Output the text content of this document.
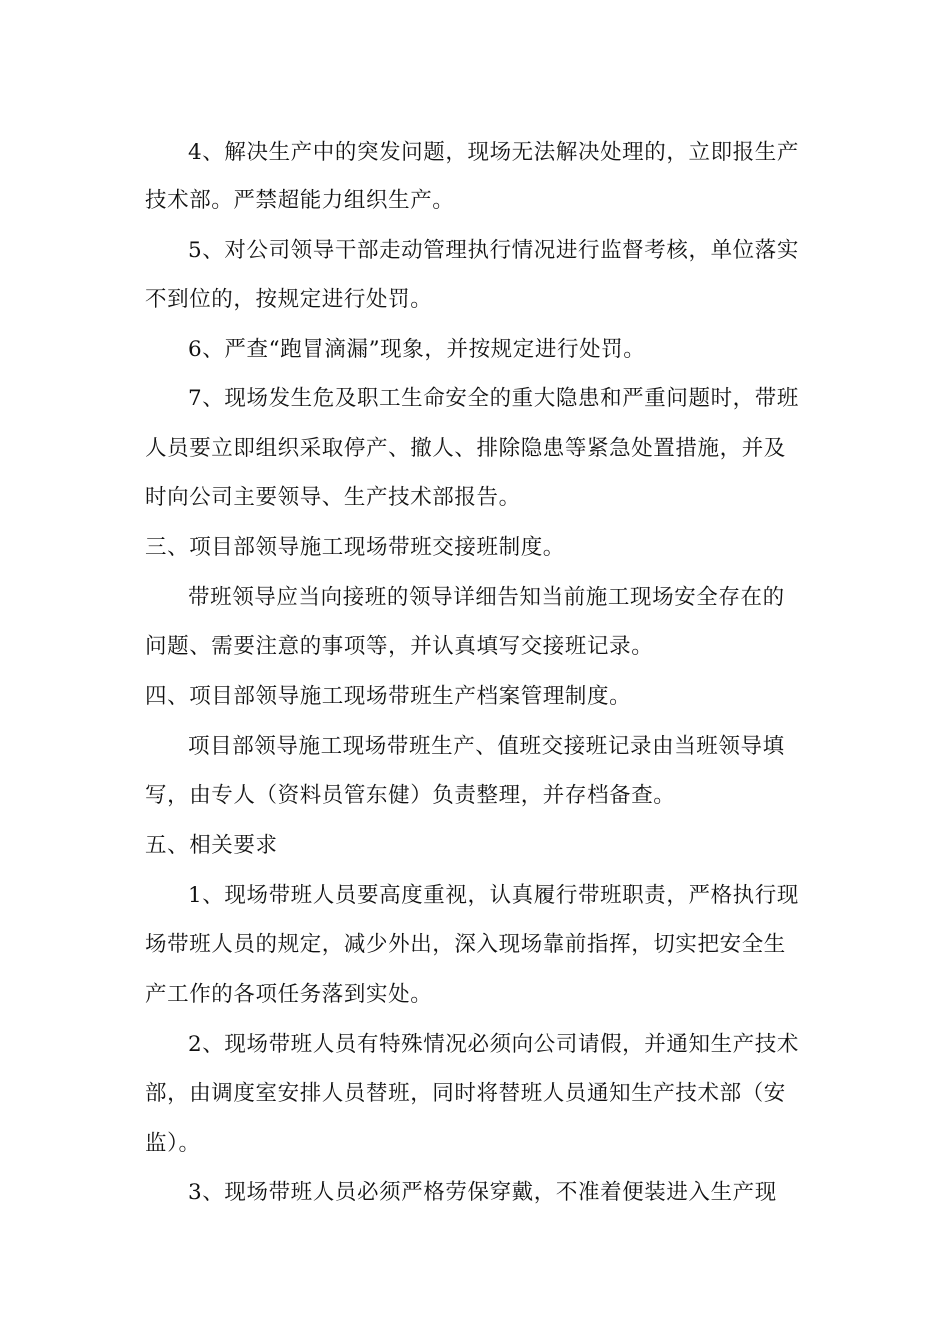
4、解决生产中的突发问题，现场无法解决处理的，立即报生产
技术部。严禁超能力组织生产。
5、对公司领导干部走动管理执行情况进行监督考核，单位落实
不到位的，按规定进行处罚。
6、严查“跑冒滴漏”现象，并按规定进行处罚。
7、现场发生危及职工生命安全的重大隐患和严重问题时，带班
人员要立即组织采取停产、撤人、排除隐患等紧急处置措施，并及
时向公司主要领导、生产技术部报告。
三、项目部领导施工现场带班交接班制度。
带班领导应当向接班的领导详细告知当前施工现场安全存在的
问题、需要注意的事项等，并认真填写交接班记录。
四、项目部领导施工现场带班生产档案管理制度。
项目部领导施工现场带班生产、值班交接班记录由当班领导填
写，由专人（资料员管东健）负责整理，并存档备查。
五、相关要求
1、现场带班人员要高度重视，认真履行带班职责，严格执行现
场带班人员的规定，减少外出，深入现场靠前指挥，切实把安全生
产工作的各项任务落到实处。
2、现场带班人员有特殊情况必须向公司请假，并通知生产技术
部，由调度室安排人员替班，同时将替班人员通知生产技术部（安
监）。
3、现场带班人员必须严格劳保穿戴，不准着便装进入生产现
